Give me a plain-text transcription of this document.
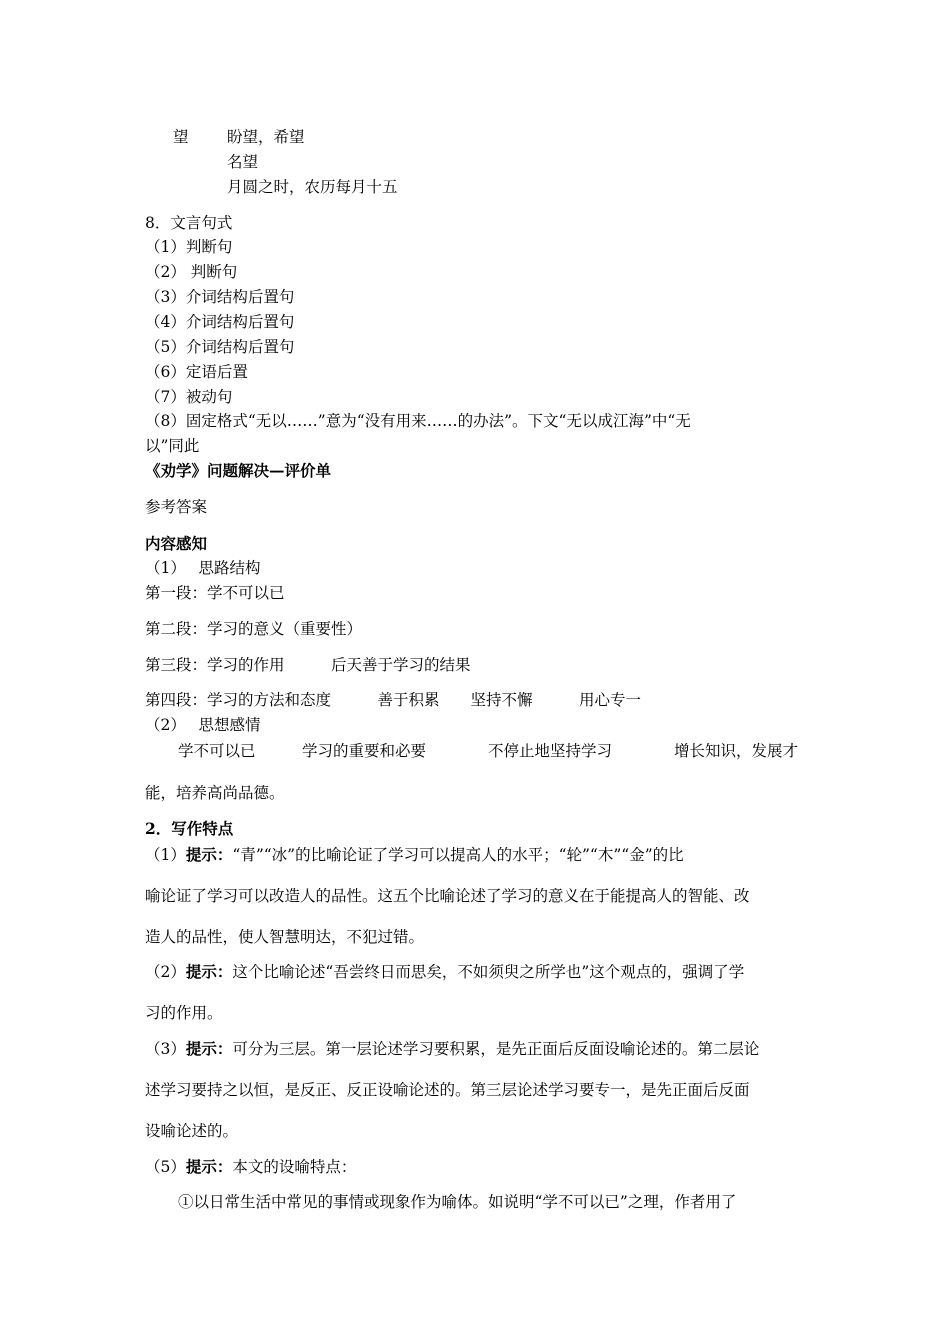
望 盼望，希望
名望
月圆之时，农历每月十五
8．文言句式
（1）判断句
（2） 判断句
（3）介词结构后置句
（4）介词结构后置句
（5）介词结构后置句
（6）定语后置
（7）被动句
（8）固定格式“无以……”意为“没有用来……的办法”。下文“无以成江海”中“无
以”同此
《劝学》问题解决—评价单
参考答案
内容感知
（1）　 思路结构
第一段：学不可以已
第二段：学习的意义（重要性）
第三段：学习的作用　　　后天善于学习的结果
第四段：学习的方法和态度　　　善于积累　　坚持不懈　　　用心专一
（2）　 思想感情
学不可以已　　　学习的重要和必要　　　　不停止地坚持学习　　　　增长知识，发展才
能，培养高尚品德。
2．写作特点
（1）提示：“青”“冰”的比喻论证了学习可以提高人的水平；“轮”“木”“金”的比
喻论证了学习可以改造人的品性。这五个比喻论述了学习的意义在于能提高人的智能、改
造人的品性，使人智慧明达，不犯过错。
（2）提示：这个比喻论述“吾尝终日而思矣，不如须臾之所学也”这个观点的，强调了学
习的作用。
（3）提示：可分为三层。第一层论述学习要积累，是先正面后反面设喻论述的。第二层论
述学习要持之以恒，是反正、反正设喻论述的。第三层论述学习要专一，是先正面后反面
设喻论述的。
（5）提示：本文的设喻特点：
①以日常生活中常见的事情或现象作为喻体。如说明“学不可以已”之理，作者用了
